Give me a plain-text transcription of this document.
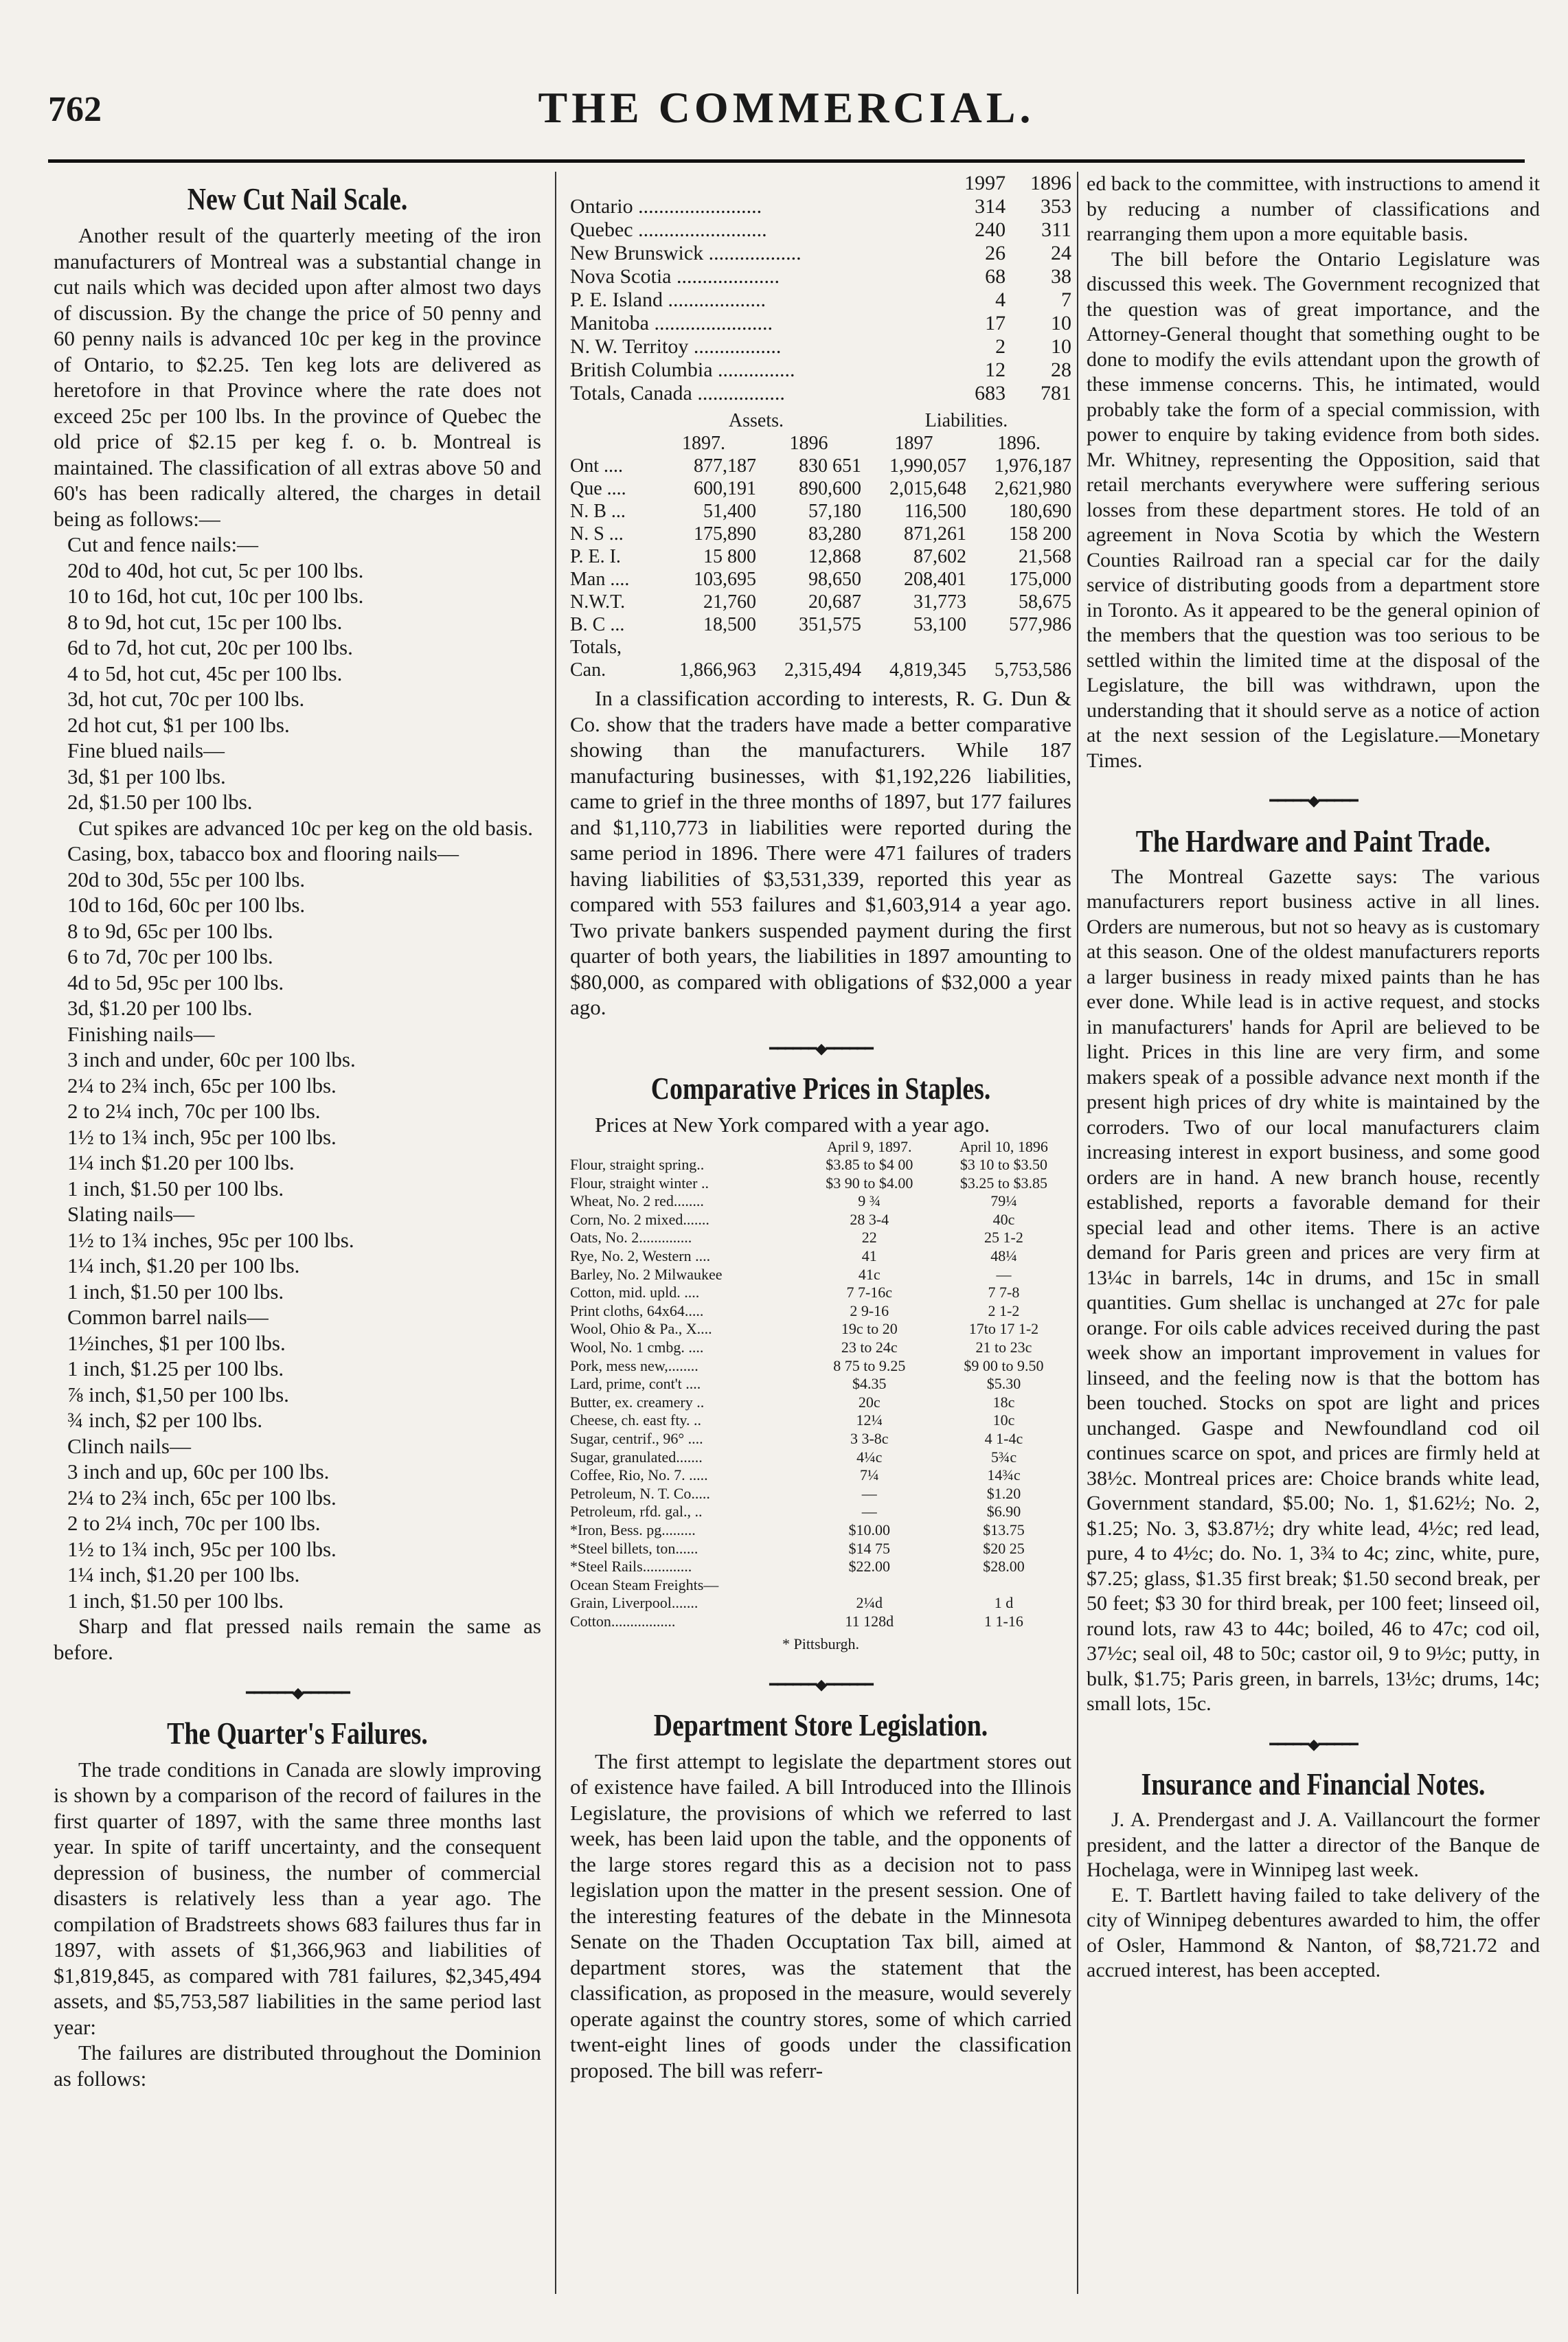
762	THE COMMERCIAL.
New Cut Nail Scale.

Another result of the quarterly meeting of the iron manufacturers of Montreal was a substantial change in cut nails which was decided upon after almost two days of discussion. By the change the price of 50 penny and 60 penny nails is advanced 10c per keg in the province of Ontario, to $2.25. Ten keg lots are delivered as heretofore in that Province where the rate does not exceed 25c per 100 lbs. In the province of Quebec the old price of $2.15 per keg f. o. b. Montreal is maintained. The classification of all extras above 50 and 60's has been radically altered, the charges in detail being as follows:—

Cut and fence nails:—
20d to 40d, hot cut, 5c per 100 lbs.
10 to 16d, hot cut, 10c per 100 lbs.
8 to 9d, hot cut, 15c per 100 lbs.
6d to 7d, hot cut, 20c per 100 lbs.
4 to 5d, hot cut, 45c per 100 lbs.
3d, hot cut, 70c per 100 lbs.
2d hot cut, $1 per 100 lbs.
Fine blued nails—
3d, $1 per 100 lbs.
2d, $1.50 per 100 lbs.

Cut spikes are advanced 10c per keg on the old basis.

Casing, box, tabacco box and flooring nails—
20d to 30d, 55c per 100 lbs.
10d to 16d, 60c per 100 lbs.
8 to 9d, 65c per 100 lbs.
6 to 7d, 70c per 100 lbs.
4d to 5d, 95c per 100 lbs.
3d, $1.20 per 100 lbs.
Finishing nails—
3 inch and under, 60c per 100 lbs.
2¼ to 2¾ inch, 65c per 100 lbs.
2 to 2¼ inch, 70c per 100 lbs.
1½ to 1¾ inch, 95c per 100 lbs.
1¼ inch $1.20 per 100 lbs.
1 inch, $1.50 per 100 lbs.
Slating nails—
1½ to 1¾ inches, 95c per 100 lbs.
1¼ inch, $1.20 per 100 lbs.
1 inch, $1.50 per 100 lbs.
Common barrel nails—
1½inches, $1 per 100 lbs.
1 inch, $1.25 per 100 lbs.
⅞ inch, $1,50 per 100 lbs.
¾ inch, $2 per 100 lbs.
Clinch nails—
3 inch and up, 60c per 100 lbs.
2¼ to 2¾ inch, 65c per 100 lbs.
2 to 2¼ inch, 70c per 100 lbs.
1½ to 1¾ inch, 95c per 100 lbs.
1¼ inch, $1.20 per 100 lbs.
1 inch, $1.50 per 100 lbs.

Sharp and flat pressed nails remain the same as before.

━━━━━━◆━━━━━━
The Quarter's Failures.

The trade conditions in Canada are slowly improving is shown by a comparison of the record of failures in the first quarter of 1897, with the same three months last year. In spite of tariff uncertainty, and the consequent depression of business, the number of commercial disasters is relatively less than a year ago. The compilation of Bradstreets shows 683 failures thus far in 1897, with assets of $1,366,963 and liabilities of $1,819,845, as compared with 781 failures, $2,345,494 assets, and $5,753,587 liabilities in the same period last year:

The failures are distributed throughout the Dominion as follows:

	1997	1896
Ontario ........................	314	353
Quebec .........................	240	311
New Brunswick ..................	26	24
Nova Scotia ....................	68	38
P. E. Island ...................	4	7
Manitoba .......................	17	10
N. W. Territoy .................	2	10
British Columbia ...............	12	28
Totals, Canada .................	683	781
	Assets.		Liabilities.	
	1897.	1896	1897	1896.
Ont ....	877,187	830 651	1,990,057	1,976,187
Que ....	600,191	890,600	2,015,648	2,621,980
N. B ...	51,400	57,180	116,500	180,690
N. S ...	175,890	83,280	871,261	158 200
P. E. I.	15 800	12,868	87,602	21,568
Man ....	103,695	98,650	208,401	175,000
N.W.T.	21,760	20,687	31,773	58,675
B. C ...	18,500	351,575	53,100	577,986
Totals,				
Can.	1,866,963	2,315,494	4,819,345	5,753,586

In a classification according to interests, R. G. Dun & Co. show that the traders have made a better comparative showing than the manufacturers. While 187 manufacturing businesses, with $1,192,226 liabilities, came to grief in the three months of 1897, but 177 failures and $1,110,773 in liabilities were reported during the same period in 1896. There were 471 failures of traders having liabilities of $3,531,339, reported this year as compared with 553 failures and $1,603,914 a year ago. Two private bankers suspended payment during the first quarter of both years, the liabilities in 1897 amounting to $80,000, as compared with obligations of $32,000 a year ago.

━━━━━━◆━━━━━━
Comparative Prices in Staples.

Prices at New York compared with a year ago.

	April 9, 1897.	April 10, 1896
Flour, straight spring..	$3.85 to $4 00	$3 10 to $3.50
Flour, straight winter ..	$3 90 to $4.00	$3.25 to $3.85
Wheat, No. 2 red........	9 ¾	79¼
Corn, No. 2 mixed.......	28 3-4	40c
Oats, No. 2..............	22	25 1-2
Rye, No. 2, Western ....	41	48¼
Barley, No. 2 Milwaukee	41c	—
Cotton, mid. upld. ....	7 7-16c	7 7-8
Print cloths, 64x64.....	2 9-16	2 1-2
Wool, Ohio & Pa., X....	19c to 20	17to 17 1-2
Wool, No. 1 cmbg. ....	23 to 24c	21 to 23c
Pork, mess new,........	8 75 to 9.25	$9 00 to 9.50
Lard, prime, cont't ....	$4.35	$5.30
Butter, ex. creamery ..	20c	18c
Cheese, ch. east fty. ..	12¼	10c
Sugar, centrif., 96° ....	3 3-8c	4 1-4c
Sugar, granulated.......	4¼c	5¾c
Coffee, Rio, No. 7. .....	7¼	14¾c
Petroleum, N. T. Co.....	—	$1.20
Petroleum, rfd. gal., ..	—	$6.90
*Iron, Bess. pg.........	$10.00	$13.75
*Steel billets, ton......	$14 75	$20 25
*Steel Rails.............	$22.00	$28.00
Ocean Steam Freights—		
Grain, Liverpool.......	2¼d	1 d
Cotton.................	11 128d	1 1-16
* Pittsburgh.
━━━━━━◆━━━━━━
Department Store Legislation.

The first attempt to legislate the department stores out of existence have failed. A bill Introduced into the Illinois Legislature, the provisions of which we referred to last week, has been laid upon the table, and the opponents of the large stores regard this as a decision not to pass legislation upon the matter in the present session. One of the interesting features of the debate in the Minnesota Senate on the Thaden Occuptation Tax bill, aimed at department stores, was the statement that the classification, as proposed in the measure, would severely operate against the country stores, some of which carried twent-eight lines of goods under the classification proposed. The bill was referr-

ed back to the committee, with instructions to amend it by reducing a number of classifications and rearranging them upon a more equitable basis.

The bill before the Ontario Legislature was discussed this week. The Government recognized that the question was of great importance, and the Attorney-General thought that something ought to be done to modify the evils attendant upon the growth of these immense concerns. This, he intimated, would probably take the form of a special commission, with power to enquire by taking evidence from both sides. Mr. Whitney, representing the Opposition, said that retail merchants everywhere were suffering serious losses from these department stores. He told of an agreement in Nova Scotia by which the Western Counties Railroad ran a special car for the daily service of distributing goods from a department store in Toronto. As it appeared to be the general opinion of the members that the question was too serious to be settled within the limited time at the disposal of the Legislature, the bill was withdrawn, upon the understanding that it should serve as a notice of action at the next session of the Legislature.—Monetary Times.

━━━━━◆━━━━━
The Hardware and Paint Trade.

The Montreal Gazette says: The various manufacturers report business active in all lines. Orders are numerous, but not so heavy as is customary at this season. One of the oldest manufacturers reports a larger business in ready mixed paints than he has ever done. While lead is in active request, and stocks in manufacturers' hands for April are believed to be light. Prices in this line are very firm, and some makers speak of a possible advance next month if the present high prices of dry white is maintained by the corroders. Two of our local manufacturers claim increasing interest in export business, and some good orders are in hand. A new branch house, recently established, reports a favorable demand for their special lead and other items. There is an active demand for Paris green and prices are very firm at 13¼c in barrels, 14c in drums, and 15c in small quantities. Gum shellac is unchanged at 27c for pale orange. For oils cable advices received during the past week show an important improvement in values for linseed, and the feeling now is that the bottom has been touched. Stocks on spot are light and prices unchanged. Gaspe and Newfoundland cod oil continues scarce on spot, and prices are firmly held at 38½c. Montreal prices are: Choice brands white lead, Government standard, $5.00; No. 1, $1.62½; No. 2, $1.25; No. 3, $3.87½; dry white lead, 4½c; red lead, pure, 4 to 4½c; do. No. 1, 3¾ to 4c; zinc, white, pure, $7.25; glass, $1.35 first break; $1.50 second break, per 50 feet; $3 30 for third break, per 100 feet; linseed oil, round lots, raw 43 to 44c; boiled, 46 to 47c; cod oil, 37½c; seal oil, 48 to 50c; castor oil, 9 to 9½c; putty, in bulk, $1.75; Paris green, in barrels, 13½c; drums, 14c; small lots, 15c.

━━━━━◆━━━━━
Insurance and Financial Notes.

J. A. Prendergast and J. A. Vaillancourt the former president, and the latter a director of the Banque de Hochelaga, were in Winnipeg last week.

E. T. Bartlett having failed to take delivery of the city of Winnipeg debentures awarded to him, the offer of Osler, Hammond & Nanton, of $8,721.72 and accrued interest, has been accepted.
